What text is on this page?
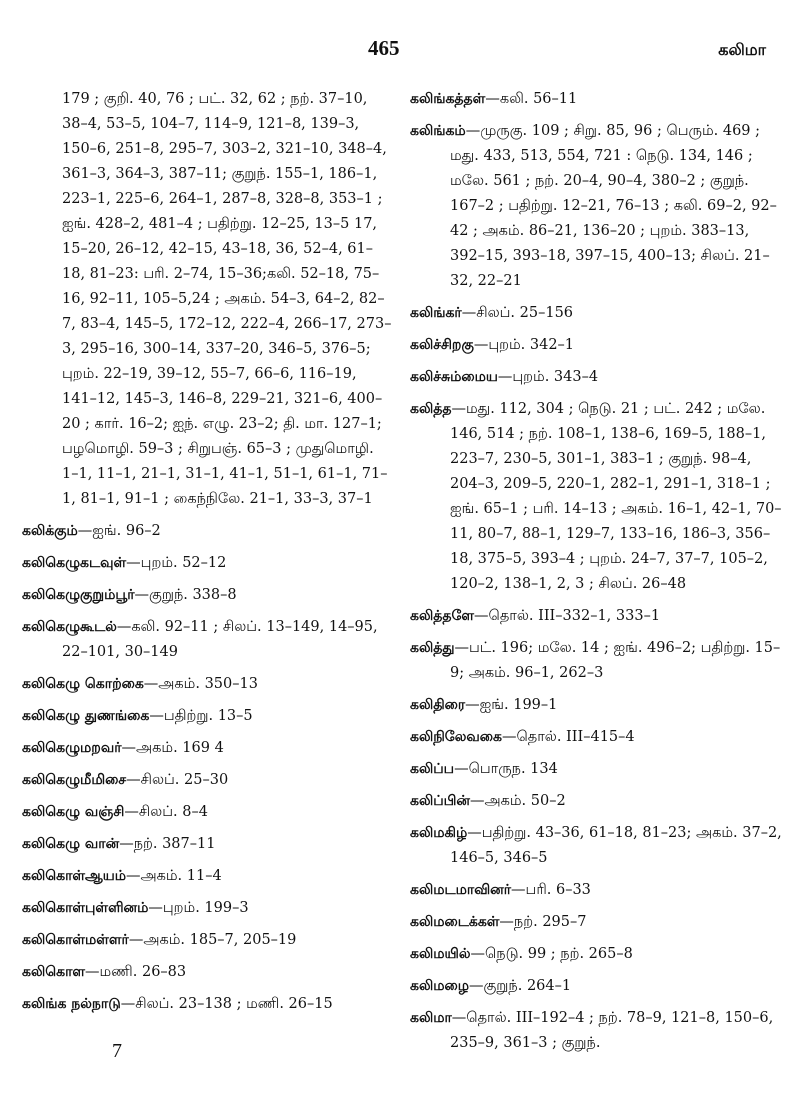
465	கலிமா

179 ; குறி. 40, 76 ; பட். 32, 62 ; நற். 37–10, 38–4, 53–5, 104–7, 114–9, 121–8, 139–3, 150–6, 251–8, 295–7, 303–2, 321–10, 348–4, 361–3, 364–3, 387–11; குறுந். 155–1, 186–1, 223–1, 225–6, 264–1, 287–8, 328–8, 353–1 ; ஐங். 428–2, 481–4 ; பதிற்று. 12–25, 13–5 17, 15–20, 26–12, 42–15, 43–18, 36, 52–4, 61–18, 81–23: பரி. 2–74, 15–36;கலி. 52–18, 75–16, 92–11, 105–5,24 ; அகம். 54–3, 64–2, 82–7, 83–4, 145–5, 172–12, 222–4, 266–17, 273–3, 295–16, 300–14, 337–20, 346–5, 376–5; புறம். 22–19, 39–12, 55–7, 66–6, 116–19, 141–12, 145–3, 146–8, 229–21, 321–6, 400–20 ; கார். 16–2; ஐந். எழு. 23–2; தி. மா. 127–1; பழமொழி. 59–3 ; சிறுபஞ். 65–3 ; முதுமொழி. 1–1, 11–1, 21–1, 31–1, 41–1, 51–1, 61–1, 71–1, 81–1, 91–1 ; கைந்நிலே. 21–1, 33–3, 37–1

கலிக்கும்—ஐங். 96–2

கலிகெழுகடவுள்—புறம். 52–12

கலிகெழுகுறும்பூர்—குறுந். 338–8

கலிகெழுகூடல்—கலி. 92–11 ; சிலப். 13–149, 14–95, 22–101, 30–149

கலிகெழு கொற்கை—அகம். 350–13

கலிகெழு துணங்கை—பதிற்று. 13–5

கலிகெழுமறவர்—அகம். 169 4

கலிகெழுமீமிசை—சிலப். 25–30

கலிகெழு வஞ்சி—சிலப். 8–4

கலிகெழு வான்—நற். 387–11

கலிகொள்ஆயம்—அகம். 11–4

கலிகொள்புள்ளினம்—புறம். 199–3

கலிகொள்மள்ளர்—அகம். 185–7, 205–19

கலிகொள—மணி. 26–83

கலிங்க நல்நாடு—சிலப். 23–138 ; மணி. 26–15

கலிங்கத்தள்—கலி. 56–11

கலிங்கம்—முருகு. 109 ; சிறு. 85, 96 ; பெரும். 469 ; மது. 433, 513, 554, 721 : நெடு. 134, 146 ; மலே. 561 ; நற். 20–4, 90–4, 380–2 ; குறுந். 167–2 ; பதிற்று. 12–21, 76–13 ; கலி. 69–2, 92–42 ; அகம். 86–21, 136–20 ; புறம். 383–13, 392–15, 393–18, 397–15, 400–13; சிலப். 21–32, 22–21

கலிங்கர்—சிலப். 25–156

கலிச்சிறகு—புறம். 342–1

கலிச்சும்மைய—புறம். 343–4

கலித்த—மது. 112, 304 ; நெடு. 21 ; பட். 242 ; மலே. 146, 514 ; நற். 108–1, 138–6, 169–5, 188–1, 223–7, 230–5, 301–1, 383–1 ; குறுந். 98–4, 204–3, 209–5, 220–1, 282–1, 291–1, 318–1 ; ஐங். 65–1 ; பரி. 14–13 ; அகம். 16–1, 42–1, 70–11, 80–7, 88–1, 129–7, 133–16, 186–3, 356–18, 375–5, 393–4 ; புறம். 24–7, 37–7, 105–2, 120–2, 138–1, 2, 3 ; சிலப். 26–48

கலித்தளே—தொல். III–332–1, 333–1

கலித்து—பட். 196; மலே. 14 ; ஐங். 496–2; பதிற்று. 15–9; அகம். 96–1, 262–3

கலிதிரை—ஐங். 199–1

கலிநிலேவகை—தொல். III–415–4

கலிப்ப—பொருந. 134

கலிப்பின்—அகம். 50–2

கலிமகிழ்—பதிற்று. 43–36, 61–18, 81–23; அகம். 37–2, 146–5, 346–5

கலிமடமாவினர்—பரி. 6–33

கலிமடைக்கள்—நற். 295–7

கலிமயில்—நெடு. 99 ; நற். 265–8

கலிமழை—குறுந். 264–1

கலிமா—தொல். III–192–4 ; நற். 78–9, 121–8, 150–6, 235–9, 361–3 ; குறுந்.

7
